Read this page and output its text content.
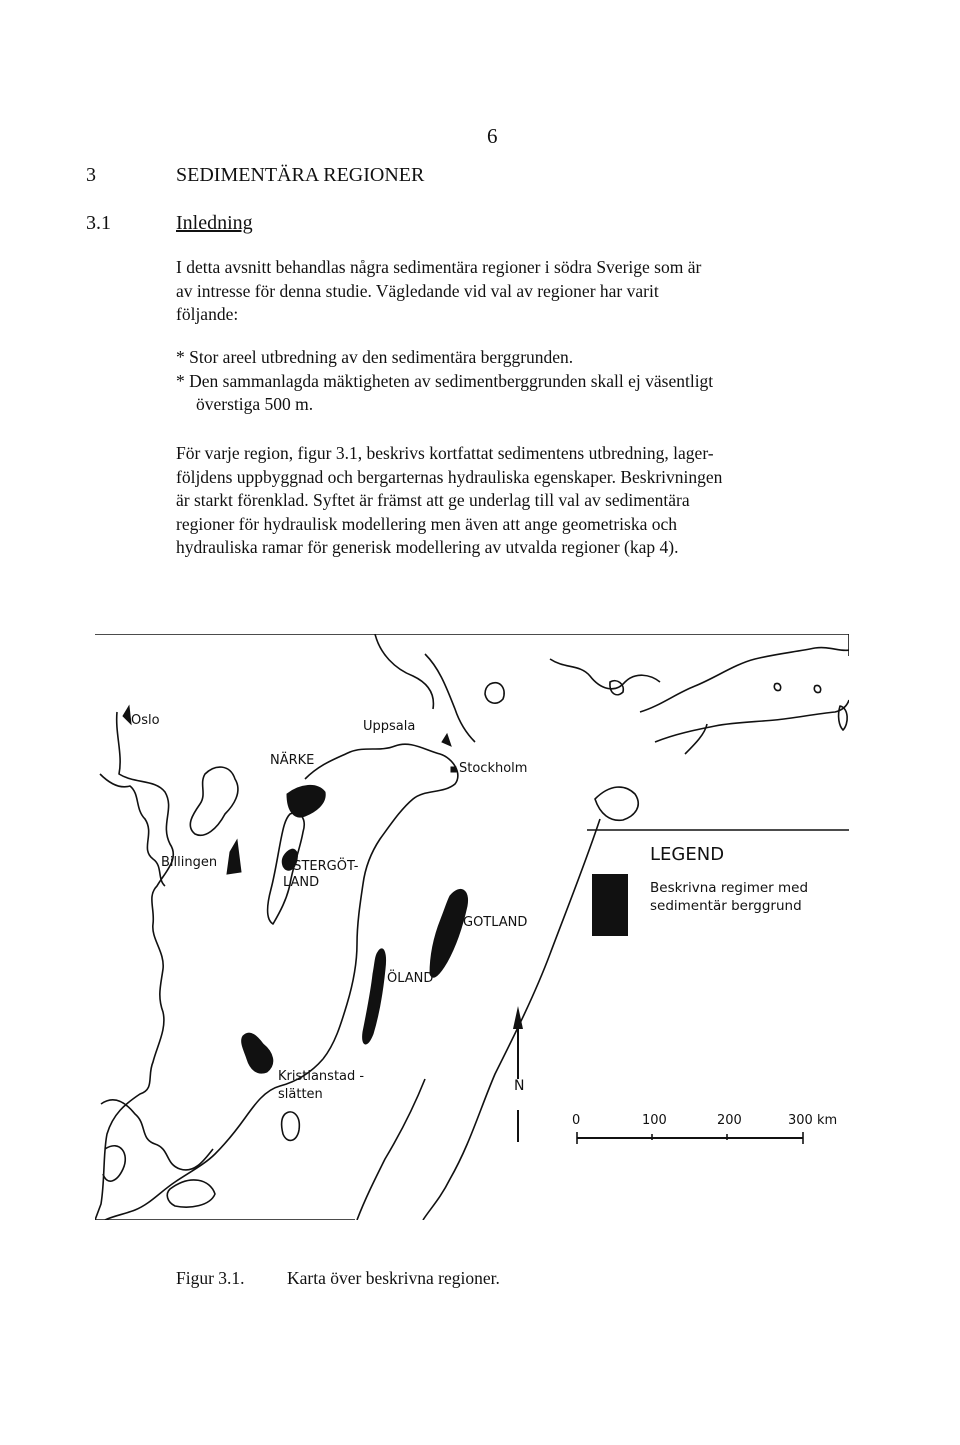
6
3	SEDIMENTÄRA REGIONER
3.1	Inledning
I detta avsnitt behandlas några sedimentära regioner i södra Sverige som är
av intresse för denna studie. Vägledande vid val av regioner har varit
följande:
* Stor areel utbredning av den sedimentära berggrunden.
* Den sammanlagda mäktigheten av sedimentberggrunden skall ej väsentligt
överstiga 500 m.
För varje region, figur 3.1, beskrivs kortfattat sedimentens utbredning, lager-
följdens uppbyggnad och bergarternas hydrauliska egenskaper. Beskrivningen
är starkt förenklad. Syftet är främst att ge underlag till val av sedimentära
regioner för hydraulisk modellering men även att ange geometriska och
hydrauliska ramar för generisk modellering av utvalda regioner (kap 4).
Oslo	Uppsala
NÄRKE
Stockholm
Billingen	ÖSTERGÖT-
LAND
GOTLAND
ÖLAND
Kristianstad -
slätten
LEGEND
Beskrivna regimer med
sedimentär berggrund
N
0	100	200	300 km
Figur 3.1. Karta över beskrivna regioner.
